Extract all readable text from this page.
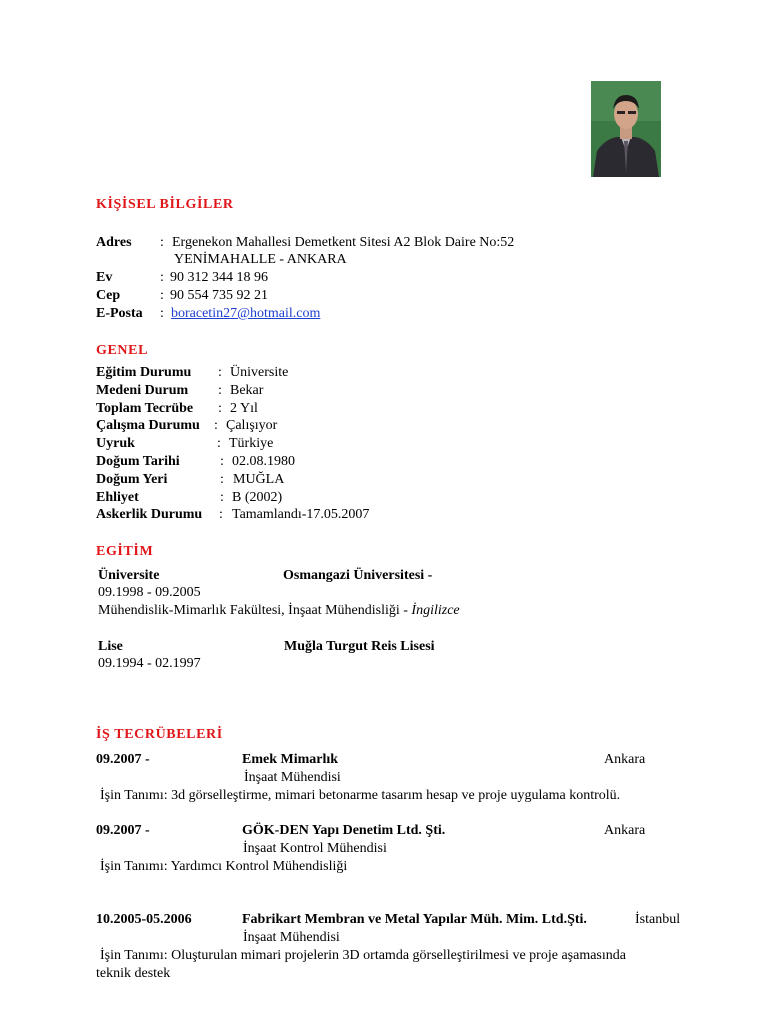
KİŞİSEL BİLGİLER
Adres : Ergenekon Mahallesi Demetkent Sitesi A2 Blok Daire No:52
YENİMAHALLE - ANKARA
Ev	: 90 312 344 18 96
Cep	: 90 554 735 92 21
E-Posta : boracetin27@hotmail.com
GENEL
Eğitim Durumu : Üniversite
Medeni Durum : Bekar
Toplam Tecrübe : 2 Yıl
Çalışma Durumu : Çalışıyor
Uyruk	: Türkiye
Doğum Tarihi	: 02.08.1980
Doğum Yeri	: MUĞLA
Ehliyet	: B (2002)
Askerlik Durumu : Tamamlandı-17.05.2007
EGİTİM
Üniversite	Osmangazi Üniversitesi -
09.1998 - 09.2005
Mühendislik-Mimarlık Fakültesi, İnşaat Mühendisliği - İngilizce
Lise	Muğla Turgut Reis Lisesi
09.1994 - 02.1997
İŞ TECRÜBELERİ
09.2007 -	Emek Mimarlık	Ankara
İnşaat Mühendisi
İşin Tanımı: 3d görselleştirme, mimari betonarme tasarım hesap ve proje uygulama kontrolü.
09.2007 -	GÖK-DEN Yapı Denetim Ltd. Şti.	Ankara
İnşaat Kontrol Mühendisi
İşin Tanımı: Yardımcı Kontrol Mühendisliği
10.2005-05.2006	Fabrikart Membran ve Metal Yapılar Müh. Mim. Ltd.Şti.	İstanbul
İnşaat Mühendisi
İşin Tanımı: Oluşturulan mimari projelerin 3D ortamda görselleştirilmesi ve proje aşamasında
teknik destek
